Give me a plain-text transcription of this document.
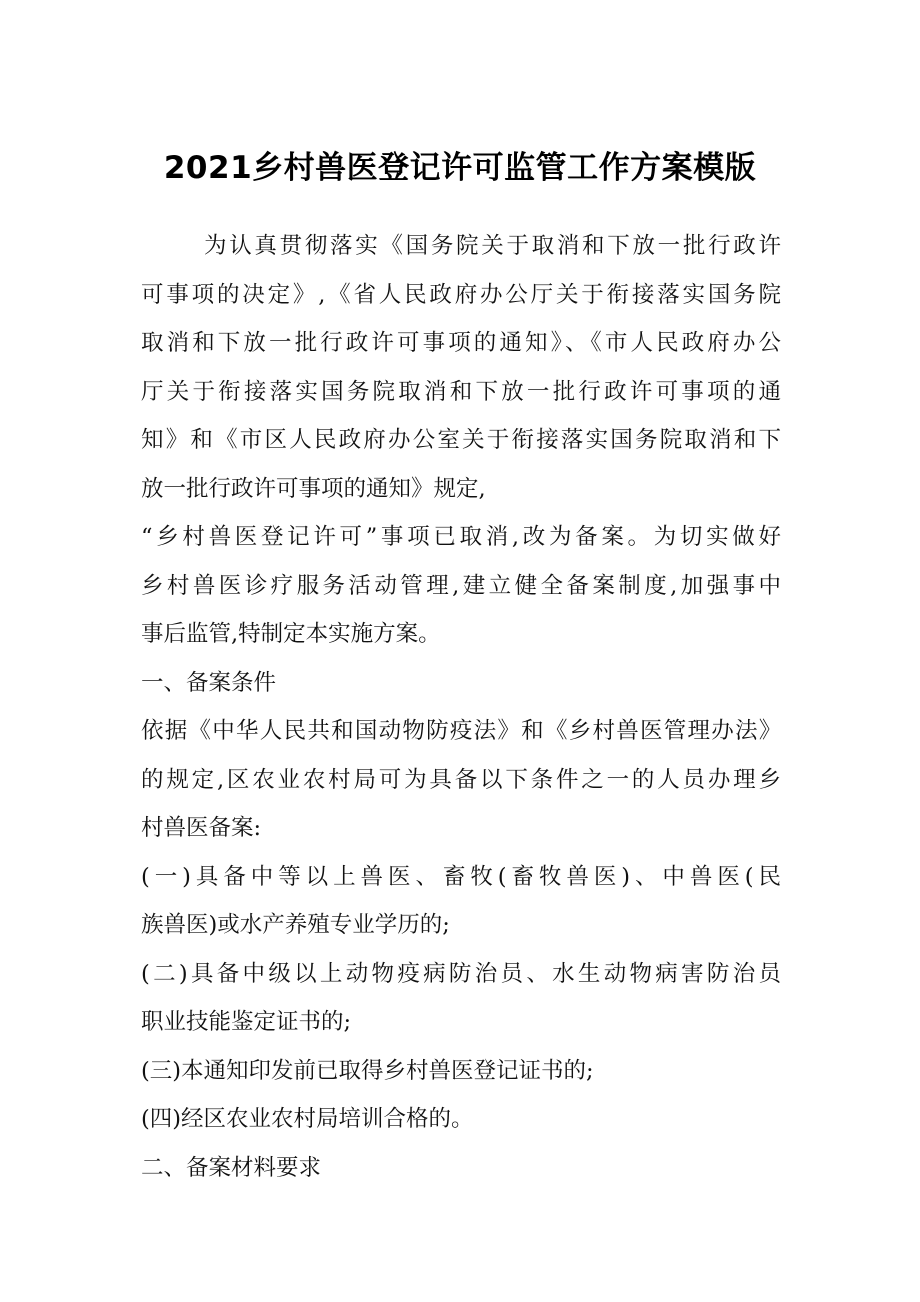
2021乡村兽医登记许可监管工作方案模版
为认真贯彻落实《国务院关于取消和下放一批行政许
可事项的决定》,《省人民政府办公厅关于衔接落实国务院
取消和下放一批行政许可事项的通知》、《市人民政府办公
厅关于衔接落实国务院取消和下放一批行政许可事项的通
知》和《市区人民政府办公室关于衔接落实国务院取消和下
放一批行政许可事项的通知》规定,
“乡村兽医登记许可”事项已取消,改为备案。为切实做好
乡村兽医诊疗服务活动管理,建立健全备案制度,加强事中
事后监管,特制定本实施方案。
一、备案条件
依据《中华人民共和国动物防疫法》和《乡村兽医管理办法》
的规定,区农业农村局可为具备以下条件之一的人员办理乡
村兽医备案:
(一)具备中等以上兽医、畜牧(畜牧兽医)、中兽医(民
族兽医)或水产养殖专业学历的;
(二)具备中级以上动物疫病防治员、水生动物病害防治员
职业技能鉴定证书的;
(三)本通知印发前已取得乡村兽医登记证书的;
(四)经区农业农村局培训合格的。
二、备案材料要求
